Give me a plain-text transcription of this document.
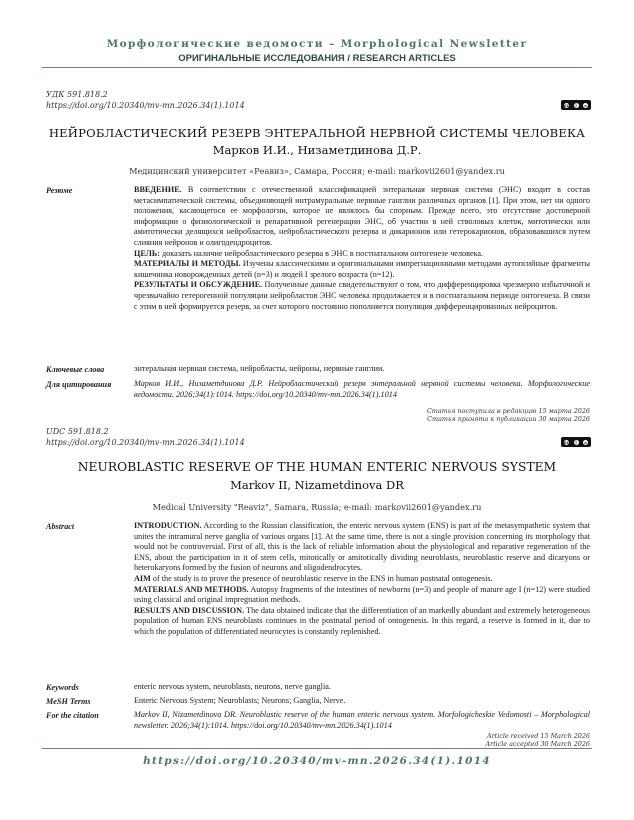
Морфологические ведомости – Morphological Newsletter
ОРИГИНАЛЬНЫЕ ИССЛЕДОВАНИЯ / RESEARCH ARTICLES
УДК 591.818.2
https://doi.org/10.20340/mv-mn.2026.34(1).1014	cc	i	=
НЕЙРОБЛАСТИЧЕСКИЙ РЕЗЕРВ ЭНТЕРАЛЬНОЙ НЕРВНОЙ СИСТЕМЫ ЧЕЛОВЕКА
Марков И.И., Низаметдинова Д.Р.
Медицинский университет «Реавиз», Самара, Россия; e-mail: markovii2601@yandex.ru
Резюме	ВВЕДЕНИЕ. В соответствии с отечественной классификацией энтеральная нервная система (ЭНС) входит в состав метасимпатической системы, объединяющей интрамуральные нервные ганглии различных органов [1]. При этом, нет ни одного положения, касающегося ее морфологии, которое не являлось бы спорным. Прежде всего, это отсутствие достоверной информации о физиологической и репаративной регенерации ЭНС, об участии в ней стволовых клеток, митотически или амитотически делящихся нейробластов, нейробластического резерва и дикарионов или гетерокарионов, образовавшихся путем слияния нейронов и олигодендроцитов.

ЦЕЛЬ: доказать наличие нейробластического резерва в ЭНС в постнатальном онтогенезе человека.

МАТЕРИАЛЫ И МЕТОДЫ. Изучены классическими и оригинальными импрегнационными методами аутопсийные фрагменты кишечника новорожденных детей (n=3) и людей I зрелого возраста (n=12).

РЕЗУЛЬТАТЫ И ОБСУЖДЕНИЕ. Полученные данные свидетельствуют о том, что дифференцировка чрезмерно избыточной и чрезвычайно гетерогенной популяции нейробластов ЭНС человека продолжается и в постнатальном периоде онтогенеза. В связи с этим в ней формируется резерв, за счет которого постоянно пополняется популяция дифференцированных нейроцитов.

Ключевые слова	энтеральная нервная система, нейробласты, нейроны, нервные ганглии.
Для цитирования	Марков И.И., Низаметдинова Д.Р. Нейробластический резерв энтеральной нервной системы человека. Морфологические ведомости. 2026;34(1):1014. https://doi.org/10.20340/mv-mn.2026.34(1).1014
Статья поступила в редакцию 15 марта 2026
Статья принята к публикации 30 марта 2026
UDC 591.818.2
https://doi.org/10.20340/mv-mn.2026.34(1).1014	cc	i	=
NEUROBLASTIC RESERVE OF THE HUMAN ENTERIC NERVOUS SYSTEM
Markov II, Nizametdinova DR
Medical University "Reaviz", Samara, Russia; e-mail: markovii2601@yandex.ru
Abstract	INTRODUCTION. According to the Russian classification, the enteric nervous system (ENS) is part of the metasympathetic system that unites the intramural nerve ganglia of various organs [1]. At the same time, there is not a single provision concerning its morphology that would not be controversial. First of all, this is the lack of reliable information about the physiological and reparative regeneration of the ENS, about the participation in it of stem cells, mitotically or amitotically dividing neuroblasts, neuroblastic reserve and dicaryons or heterokaryons formed by the fusion of neurons and oligodendrocytes.

AIM of the study is to prove the presence of neuroblastic reserve in the ENS in human postnatal ontogenesis.

MATERIALS AND METHODS. Autopsy fragments of the intestines of newborns (n=3) and people of mature age I (n=12) were studied using classical and original impregnation methods.

RESULTS AND DISCUSSION. The data obtained indicate that the differentiation of an markedly abundant and extremely heterogeneous population of human ENS neuroblasts continues in the postnatal period of ontogenesis. In this regard, a reserve is formed in it, due to which the population of differentiated neurocytes is constantly replenished.

Keywords	enteric nervous system, neuroblasts, neurons, nerve ganglia.
MeSH Terms	Enteric Nervous System; Neuroblasts; Neurons; Ganglia, Nerve.
For the citation	Markov II, Nizametdinova DR. Neuroblastic reserve of the human enteric nervous system. Morfologicheskie Vedomosti – Morphological newsletter. 2026;34(1):1014. https://doi.org/10.20340/mv-mn.2026.34(1).1014
Article received 15 March 2026
Article accepted 30 March 2026
https://doi.org/10.20340/mv-mn.2026.34(1).1014
